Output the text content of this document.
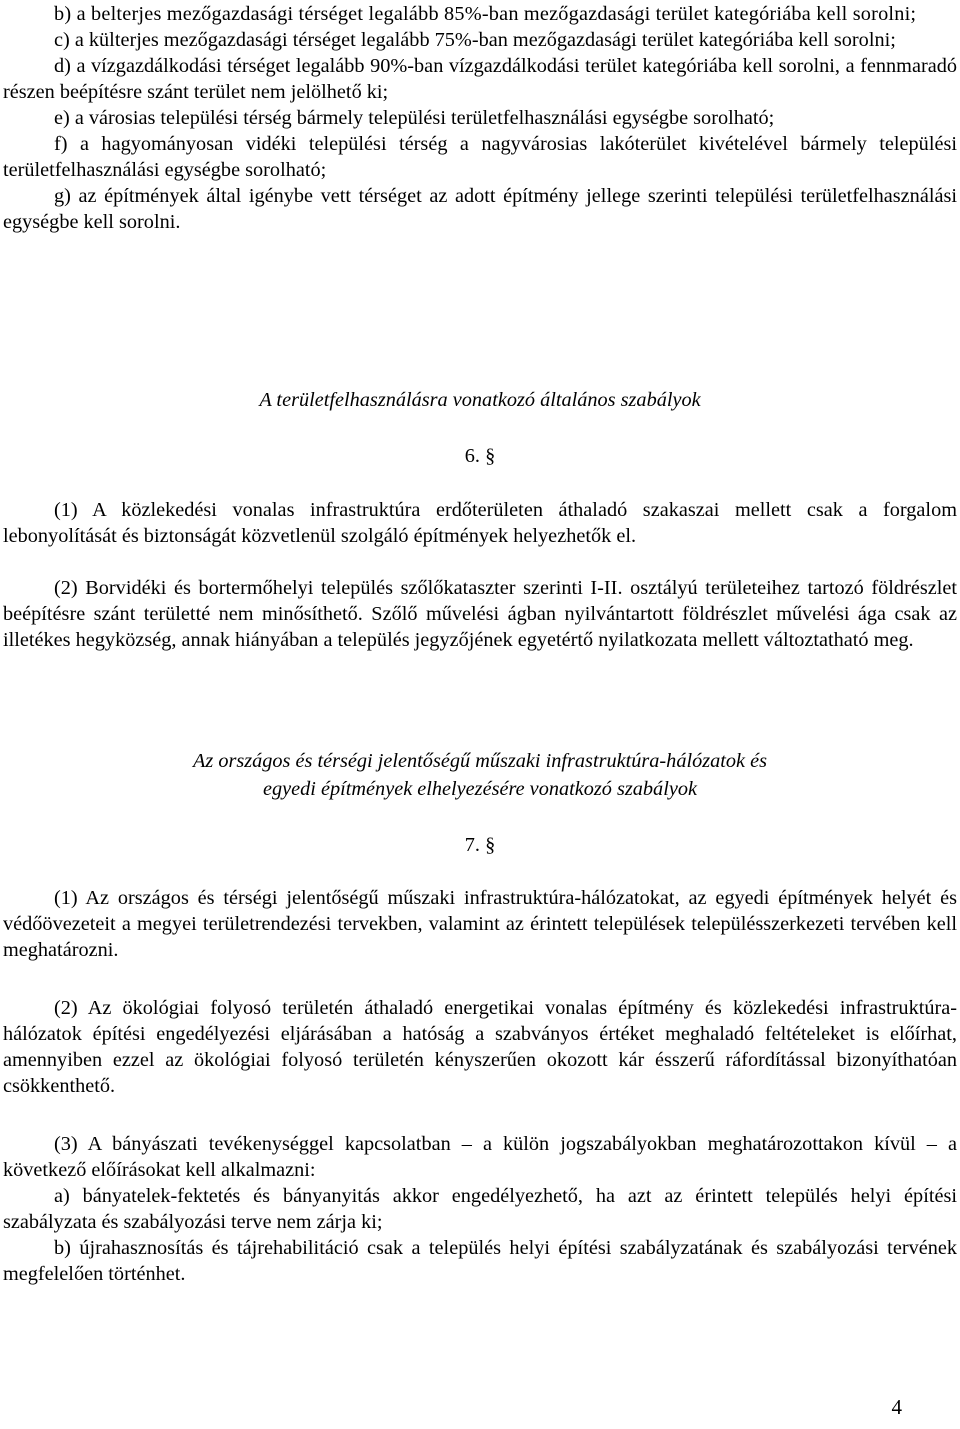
b) a belterjes mezőgazdasági térséget legalább 85%-ban mezőgazdasági terület kategóriába kell sorolni;

c) a külterjes mezőgazdasági térséget legalább 75%-ban mezőgazdasági terület kategóriába kell sorolni;

d) a vízgazdálkodási térséget legalább 90%-ban vízgazdálkodási terület kategóriába kell sorolni, a fennmaradó részen beépítésre szánt terület nem jelölhető ki;

e) a városias települési térség bármely települési területfelhasználási egységbe sorolható;

f) a hagyományosan vidéki települési térség a nagyvárosias lakóterület kivételével bármely települési területfelhasználási egységbe sorolható;

g) az építmények által igénybe vett térséget az adott építmény jellege szerinti települési területfelhasználási egységbe kell sorolni.

A területfelhasználásra vonatkozó általános szabályok
6. §

(1) A közlekedési vonalas infrastruktúra erdőterületen áthaladó szakaszai mellett csak a forgalom lebonyolítását és biztonságát közvetlenül szolgáló építmények helyezhetők el.

(2) Borvidéki és bortermőhelyi település szőlőkataszter szerinti I-II. osztályú területeihez tartozó földrészlet beépítésre szánt területté nem minősíthető. Szőlő művelési ágban nyilvántartott földrészlet művelési ága csak az illetékes hegyközség, annak hiányában a település jegyzőjének egyetértő nyilatkozata mellett változtatható meg.

Az országos és térségi jelentőségű műszaki infrastruktúra-hálózatok és
egyedi építmények elhelyezésére vonatkozó szabályok
7. §

(1) Az országos és térségi jelentőségű műszaki infrastruktúra-hálózatokat, az egyedi építmények helyét és védőövezeteit a megyei területrendezési tervekben, valamint az érintett települések településszerkezeti tervében kell meghatározni.

(2) Az ökológiai folyosó területén áthaladó energetikai vonalas építmény és közlekedési infrastruktúra-hálózatok építési engedélyezési eljárásában a hatóság a szabványos értéket meghaladó feltételeket is előírhat, amennyiben ezzel az ökológiai folyosó területén kényszerűen okozott kár ésszerű ráfordítással bizonyíthatóan csökkenthető.

(3) A bányászati tevékenységgel kapcsolatban – a külön jogszabályokban meghatározottakon kívül – a következő előírásokat kell alkalmazni:

a) bányatelek-fektetés és bányanyitás akkor engedélyezhető, ha azt az érintett település helyi építési szabályzata és szabályozási terve nem zárja ki;

b) újrahasznosítás és tájrehabilitáció csak a település helyi építési szabályzatának és szabályozási tervének megfelelően történhet.

4
